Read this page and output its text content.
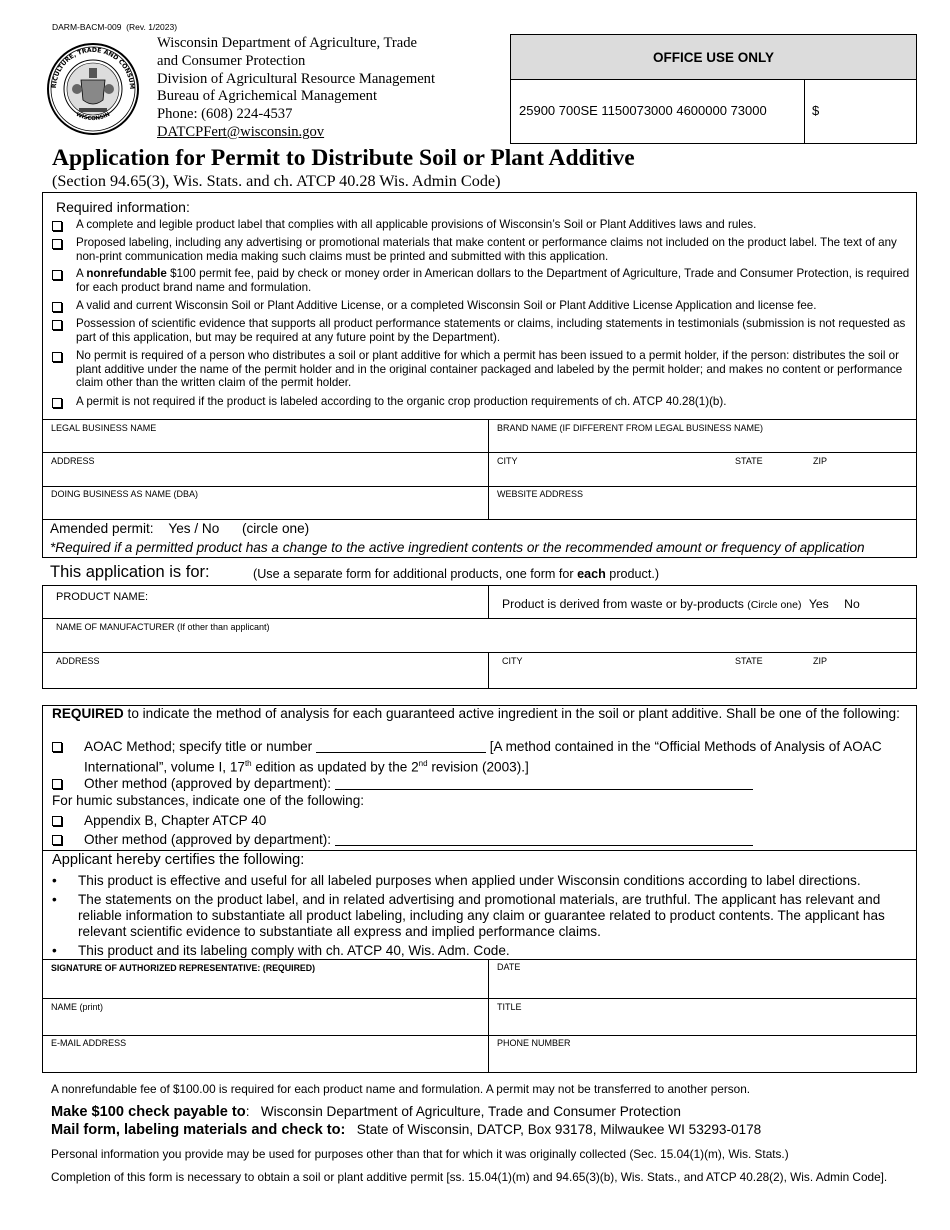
DARM-BACM-009 (Rev. 1/2023)
RICULTURE, TRADE AND CONSUM
WISCONSIN
Wisconsin Department of Agriculture, Trade
and Consumer Protection
Division of Agricultural Resource Management
Bureau of Agrichemical Management
Phone: (608) 224-4537
DATCPFert@wisconsin.gov
OFFICE USE ONLY
25900 700SE 1150073000 4600000 73000	$
Application for Permit to Distribute Soil or Plant Additive
(Section 94.65(3), Wis. Stats. and ch. ATCP 40.28 Wis. Admin Code)
Required information:
A complete and legible product label that complies with all applicable provisions of Wisconsin’s Soil or Plant Additives laws and rules.
Proposed labeling, including any advertising or promotional materials that make content or performance claims not included on the product label. The text of any non-print communication media making such claims must be printed and submitted with this application.
A nonrefundable $100 permit fee, paid by check or money order in American dollars to the Department of Agriculture, Trade and Consumer Protection, is required for each product brand name and formulation.
A valid and current Wisconsin Soil or Plant Additive License, or a completed Wisconsin Soil or Plant Additive License Application and license fee.
Possession of scientific evidence that supports all product performance statements or claims, including statements in testimonials (submission is not requested as part of this application, but may be required at any future point by the Department).
No permit is required of a person who distributes a soil or plant additive for which a permit has been issued to a permit holder, if the person: distributes the soil or plant additive under the name of the permit holder and in the original container packaged and labeled by the permit holder; and makes no content or performance claim other than the written claim of the permit holder.
A permit is not required if the product is labeled according to the organic crop production requirements of ch. ATCP 40.28(1)(b).
LEGAL BUSINESS NAME	BRAND NAME (IF DIFFERENT FROM LEGAL BUSINESS NAME)
ADDRESS	CITY	STATE	ZIP
DOING BUSINESS AS NAME (DBA)	WEBSITE ADDRESS
Amended permit: Yes / No (circle one)
*Required if a permitted product has a change to the active ingredient contents or the recommended amount or frequency of application
This application is for:	(Use a separate form for additional products, one form for each product.)
PRODUCT NAME:	Product is derived from waste or by-products (Circle one) Yes No
NAME OF MANUFACTURER (If other than applicant)
ADDRESS	CITY	STATE	ZIP
REQUIRED to indicate the method of analysis for each guaranteed active ingredient in the soil or plant additive. Shall be one of the following:
AOAC Method; specify title or number	[A method contained in the “Official Methods of Analysis of AOAC
International”, volume I, 17th edition as updated by the 2nd revision (2003).]
Other method (approved by department):
For humic substances, indicate one of the following:
Appendix B, Chapter ATCP 40
Other method (approved by department):
Applicant hereby certifies the following:
•
This product is effective and useful for all labeled purposes when applied under Wisconsin conditions according to label directions.
•
The statements on the product label, and in related advertising and promotional materials, are truthful. The applicant has relevant and reliable information to substantiate all product labeling, including any claim or guarantee related to product contents. The applicant has relevant scientific evidence to substantiate all express and implied performance claims.
•
This product and its labeling comply with ch. ATCP 40, Wis. Adm. Code.
SIGNATURE OF AUTHORIZED REPRESENTATIVE: (REQUIRED)	DATE
NAME (print)	TITLE
E-MAIL ADDRESS	PHONE NUMBER
A nonrefundable fee of $100.00 is required for each product name and formulation. A permit may not be transferred to another person.
Make $100 check payable to: Wisconsin Department of Agriculture, Trade and Consumer Protection
Mail form, labeling materials and check to: State of Wisconsin, DATCP, Box 93178, Milwaukee WI 53293-0178
Personal information you provide may be used for purposes other than that for which it was originally collected (Sec. 15.04(1)(m), Wis. Stats.)
Completion of this form is necessary to obtain a soil or plant additive permit [ss. 15.04(1)(m) and 94.65(3)(b), Wis. Stats., and ATCP 40.28(2), Wis. Admin Code].
